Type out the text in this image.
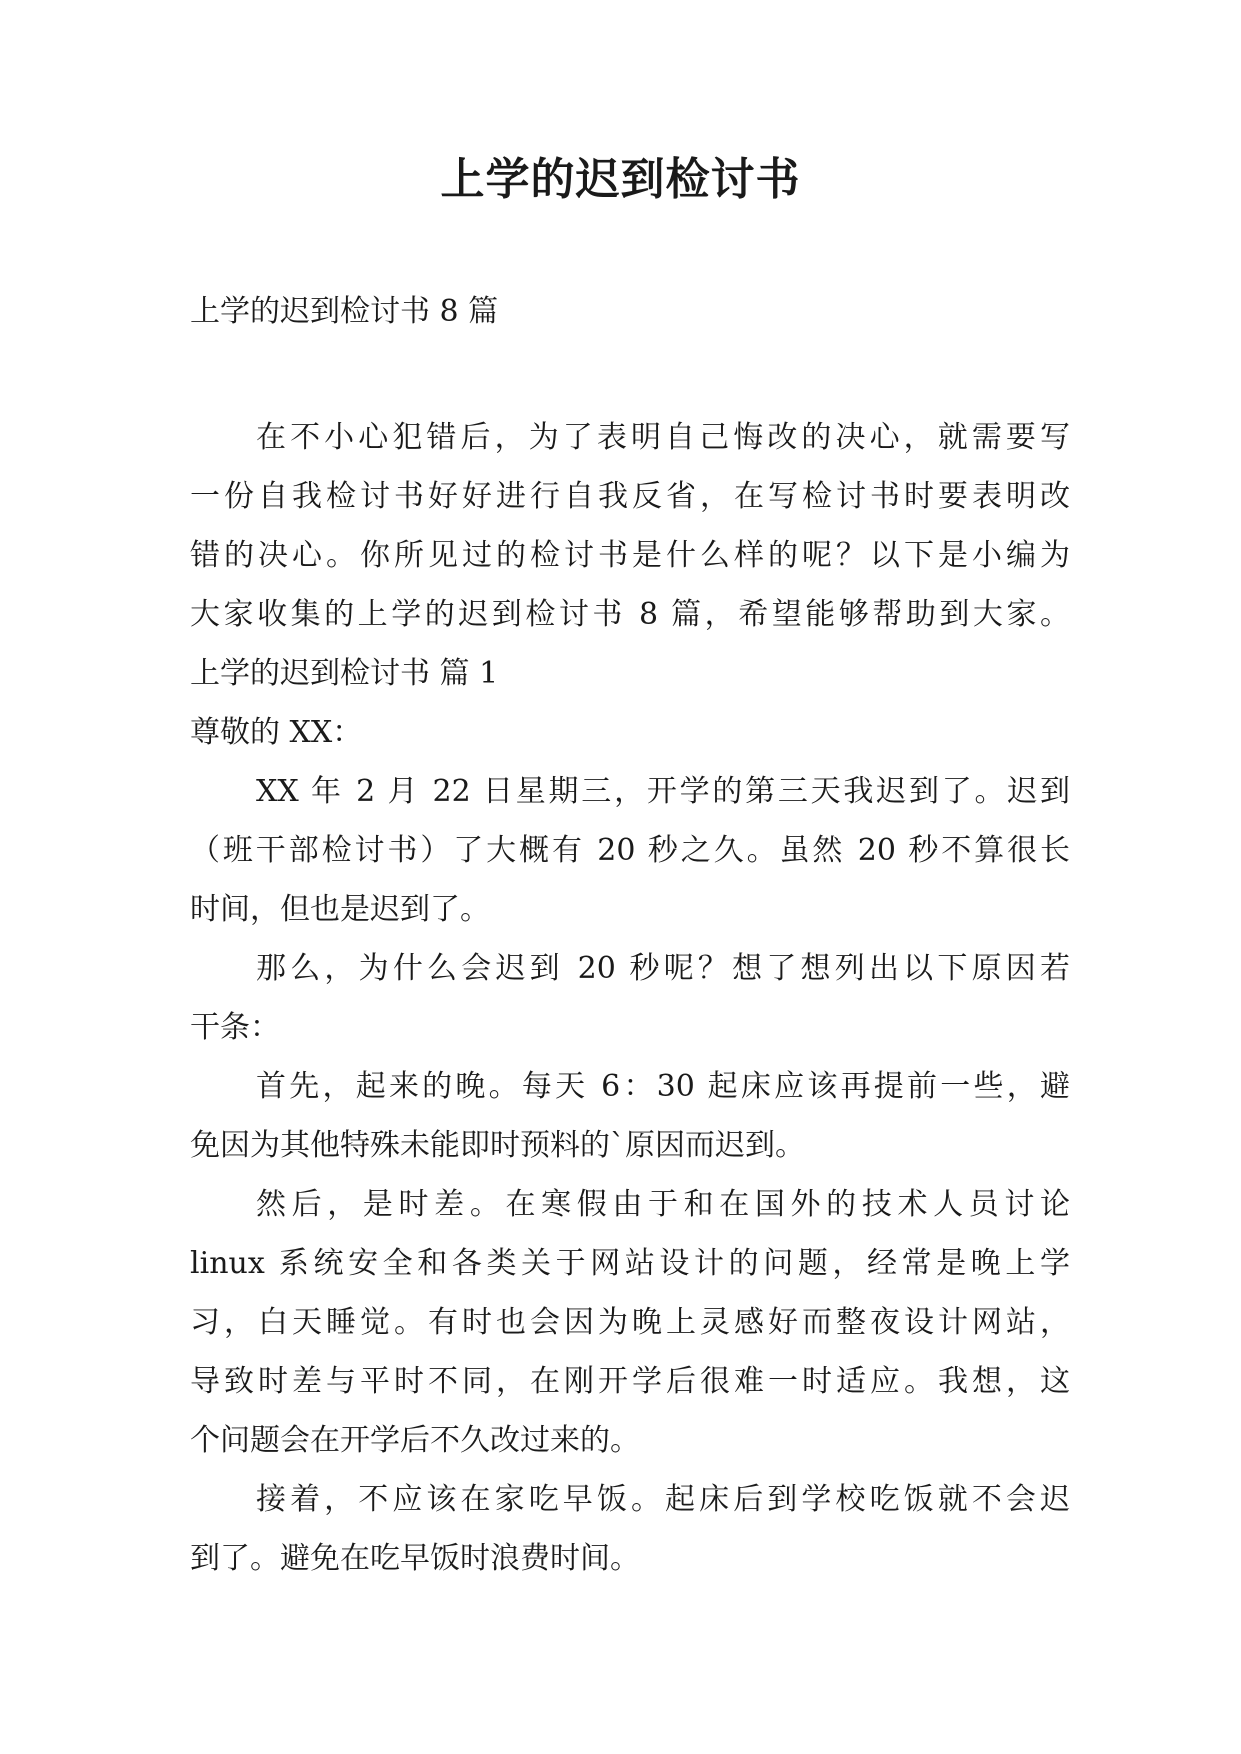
上学的迟到检讨书

上学的迟到检讨书 8 篇

在不小心犯错后，为了表明自己悔改的决心，就需要写
一份自我检讨书好好进行自我反省，在写检讨书时要表明改
错的决心。你所见过的检讨书是什么样的呢？以下是小编为
大家收集的上学的迟到检讨书 8 篇，希望能够帮助到大家。
上学的迟到检讨书 篇 1
尊敬的 XX：
XX 年 2 月 22 日星期三，开学的第三天我迟到了。迟到
（班干部检讨书）了大概有 20 秒之久。虽然 20 秒不算很长
时间，但也是迟到了。
那么，为什么会迟到 20 秒呢？想了想列出以下原因若
干条：
首先，起来的晚。每天 6：30 起床应该再提前一些，避
免因为其他特殊未能即时预料的`原因而迟到。
然后，是时差。在寒假由于和在国外的技术人员讨论
linux 系统安全和各类关于网站设计的问题，经常是晚上学
习，白天睡觉。有时也会因为晚上灵感好而整夜设计网站，
导致时差与平时不同，在刚开学后很难一时适应。我想，这
个问题会在开学后不久改过来的。
接着，不应该在家吃早饭。起床后到学校吃饭就不会迟
到了。避免在吃早饭时浪费时间。
